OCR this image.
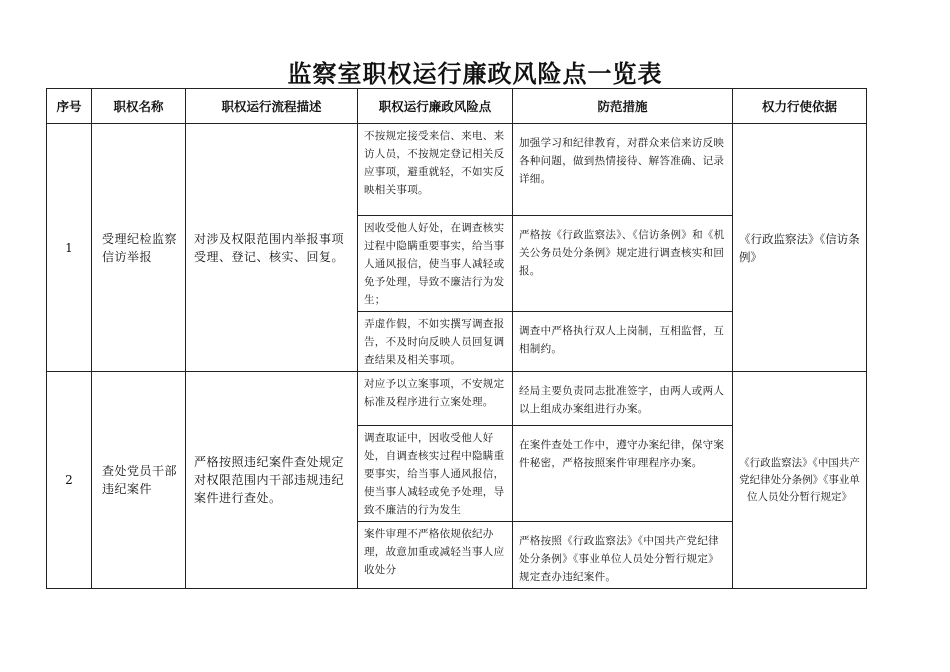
监察室职权运行廉政风险点一览表
序号	职权名称	职权运行流程描述	职权运行廉政风险点	防范措施	权力行使依据
1	受理纪检监察信访举报	对涉及权限范围内举报事项受理、登记、核实、回复。	不按规定接受来信、来电、来访人员，不按规定登记相关反应事项，避重就轻，不如实反映相关事项。	加强学习和纪律教育，对群众来信来访反映各种问题，做到热情接待、解答准确、记录详细。	《行政监察法》《信访条例》
			因收受他人好处，在调查核实过程中隐瞒重要事实，给当事人通风报信，使当事人减轻或免予处理，导致不廉洁行为发生；	严格按《行政监察法》、《信访条例》和《机关公务员处分条例》规定进行调查核实和回报。	
			弄虚作假，不如实撰写调查报告，不及时向反映人员回复调查结果及相关事项。	调查中严格执行双人上岗制，互相监督，互相制约。	
2	查处党员干部违纪案件	严格按照违纪案件查处规定对权限范围内干部违规违纪案件进行查处。	对应予以立案事项，不安规定标准及程序进行立案处理。	经局主要负责同志批准签字，由两人或两人以上组成办案组进行办案。	《行政监察法》《中国共产党纪律处分条例》《事业单位人员处分暂行规定》
			调查取证中，因收受他人好处，自调查核实过程中隐瞒重要事实，给当事人通风报信，使当事人减轻或免予处理，导致不廉洁的行为发生	在案件查处工作中，遵守办案纪律，保守案件秘密，严格按照案件审理程序办案。	
			案件审理不严格依规依纪办理，故意加重或减轻当事人应收处分	严格按照《行政监察法》《中国共产党纪律处分条例》《事业单位人员处分暂行规定》规定查办违纪案件。	
